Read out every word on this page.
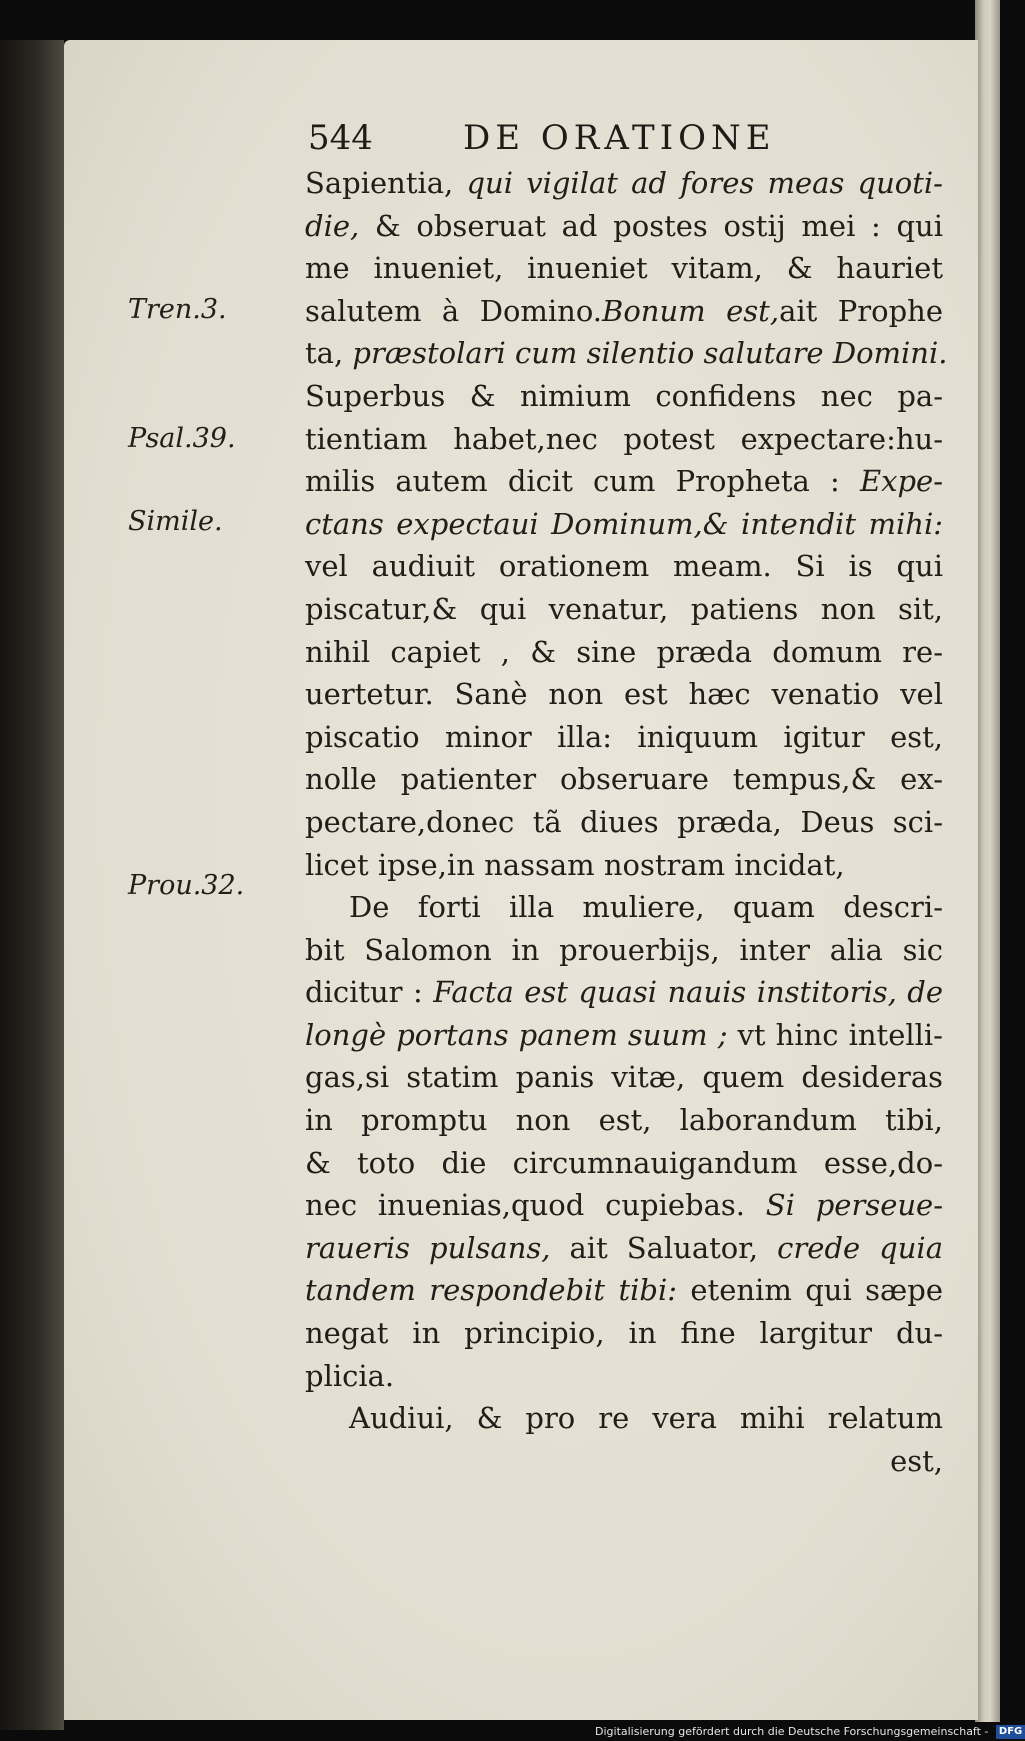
544

	DE ORATIONE

Tren.3.
Psal.39.
Simile.
Prou.32.
Sapientia, qui vigilat ad fores meas quoti-
die, & obseruat ad postes ostij mei : qui
me inueniet, inueniet vitam, & hauriet
salutem à Domino.Bonum est,ait Prophe
ta, præstolari cum silentio salutare Domini.
Superbus & nimium confidens nec pa-
tientiam habet,nec potest expectare:hu-
milis autem dicit cum Propheta : Expe-
ctans expectaui Dominum,& intendit mihi:
vel audiuit orationem meam. Si is qui
piscatur,& qui venatur, patiens non sit,
nihil capiet , & sine præda domum re-
uertetur. Sanè non est hæc venatio vel
piscatio minor illa: iniquum igitur est,
nolle patienter obseruare tempus,& ex-
pectare,donec tã diues præda, Deus sci-
licet ipse,in nassam nostram incidat,
De forti illa muliere, quam descri-
bit Salomon in prouerbijs, inter alia sic
dicitur : Facta est quasi nauis institoris, de
longè portans panem suum ; vt hinc intelli-
gas,si statim panis vitæ, quem desideras
in promptu non est, laborandum tibi,
& toto die circumnauigandum esse,do-
nec inuenias,quod cupiebas. Si perseue-
raueris pulsans, ait Saluator, crede quia
tandem respondebit tibi: etenim qui sæpe
negat in principio, in fine largitur du-
plicia.
Audiui, & pro re vera mihi relatum
est,
Digitalisierung gefördert durch die Deutsche Forschungsgemeinschaft - DFG
